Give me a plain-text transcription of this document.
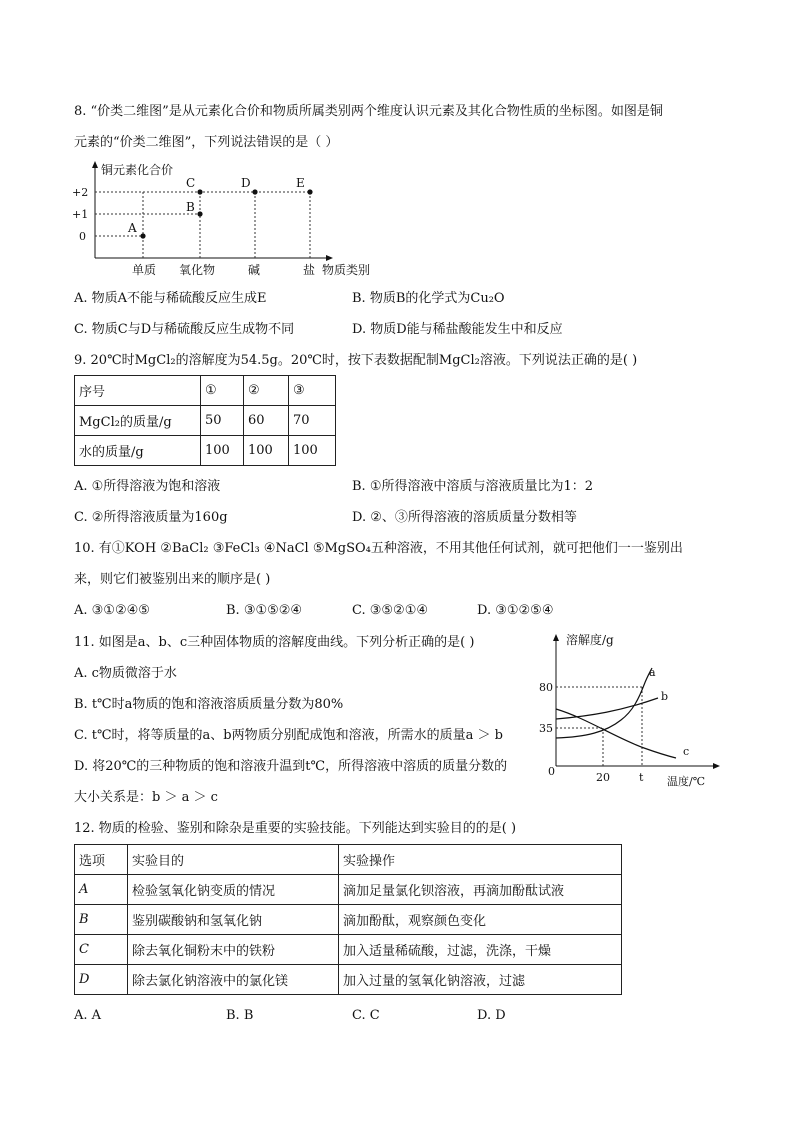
8. “价类二维图”是从元素化合价和物质所属类别两个维度认识元素及其化合物性质的坐标图。如图是铜
元素的“价类二维图”，下列说法错误的是（ ）
铜元素化合价
+2
+1
0
单质 氧化物	碱	盐 物质类别
A
B
C	D	E
A. 物质A不能与稀硫酸反应生成E	B. 物质B的化学式为Cu₂O
C. 物质C与D与稀硫酸反应生成物不同	D. 物质D能与稀盐酸能发生中和反应
9. 20℃时MgCl₂的溶解度为54.5g。20℃时，按下表数据配制MgCl₂溶液。下列说法正确的是( )
序号	①	②	③
MgCl₂的质量/g	50	60	70
水的质量/g	100	100	100
A. ①所得溶液为饱和溶液	B. ①所得溶液中溶质与溶液质量比为1：2
C. ②所得溶液质量为160g	D. ②、③所得溶液的溶质质量分数相等
10. 有①KOH ②BaCl₂ ③FeCl₃ ④NaCl ⑤MgSO₄五种溶液，不用其他任何试剂，就可把他们一一鉴别出
来，则它们被鉴别出来的顺序是( )
A. ③①②④⑤	B. ③①⑤②④	C. ③⑤②①④	D. ③①②⑤④
11. 如图是a、b、c三种固体物质的溶解度曲线。下列分析正确的是( )
A. c物质微溶于水
B. t℃时a物质的饱和溶液溶质质量分数为80%
C. t℃时，将等质量的a、b两物质分别配成饱和溶液，所需水的质量a ＞ b
D. 将20℃的三种物质的饱和溶液升温到t℃，所得溶液中溶质的质量分数的
大小关系是：b ＞ a ＞ c
溶解度/g
80
35
0	20	t 温度/℃
a
b
c
12. 物质的检验、鉴别和除杂是重要的实验技能。下列能达到实验目的的是( )
选项	实验目的	实验操作
A	检验氢氧化钠变质的情况	滴加足量氯化钡溶液，再滴加酚酞试液
B	鉴别碳酸钠和氢氧化钠	滴加酚酞，观察颜色变化
C	除去氧化铜粉末中的铁粉	加入适量稀硫酸，过滤，洗涤，干燥
D	除去氯化钠溶液中的氯化镁	加入过量的氢氧化钠溶液，过滤
A. A	B. B	C. C	D. D
